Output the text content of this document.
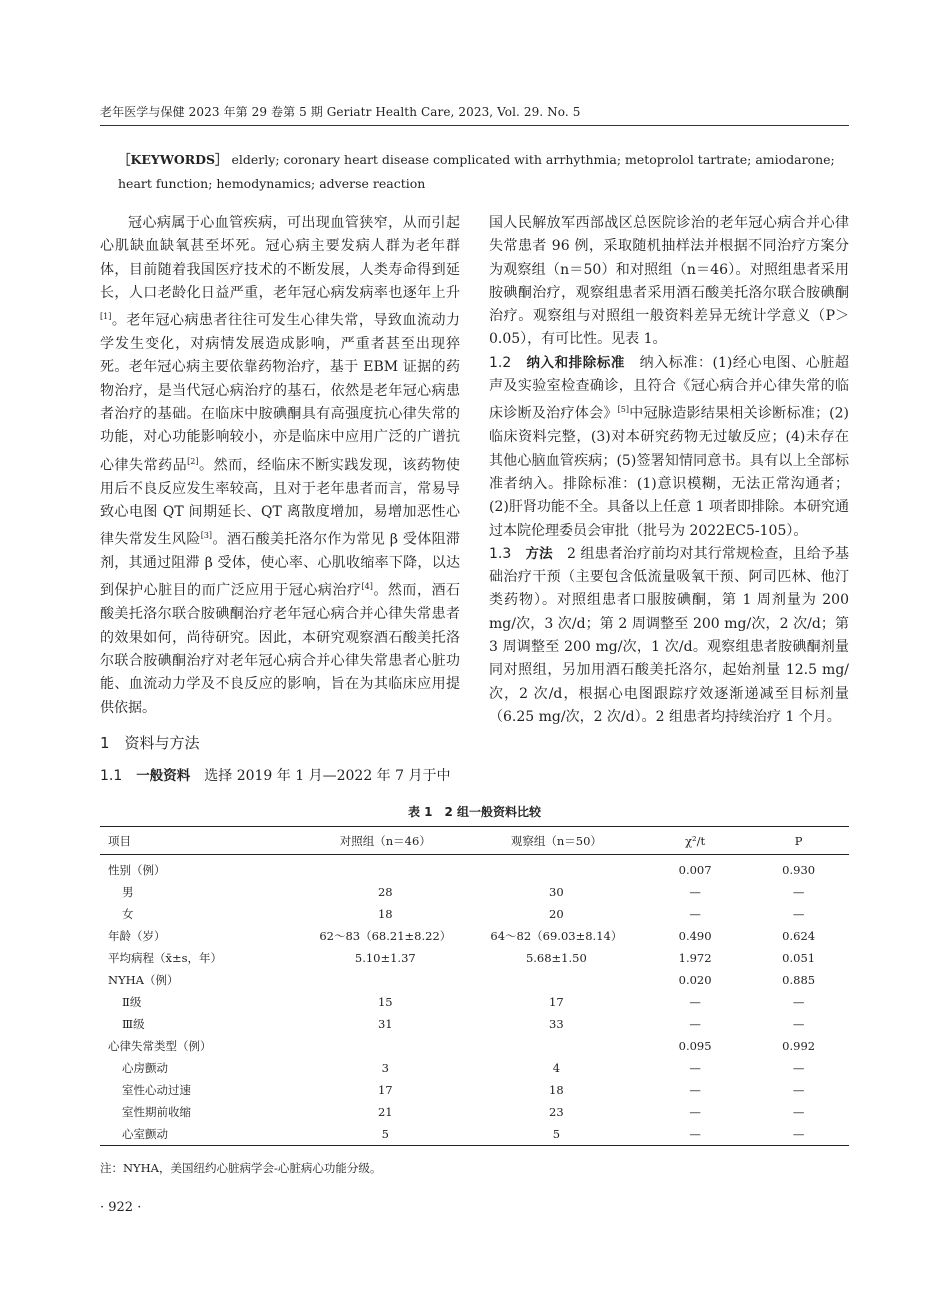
老年医学与保健 2023 年第 29 卷第 5 期 Geriatr Health Care, 2023, Vol. 29. No. 5
［KEYWORDS］ elderly; coronary heart disease complicated with arrhythmia; metoprolol tartrate; amiodarone; heart function; hemodynamics; adverse reaction

冠心病属于心血管疾病，可出现血管狭窄，从而引起心肌缺血缺氧甚至坏死。冠心病主要发病人群为老年群体，目前随着我国医疗技术的不断发展，人类寿命得到延长，人口老龄化日益严重，老年冠心病发病率也逐年上升[1]。老年冠心病患者往往可发生心律失常，导致血流动力学发生变化，对病情发展造成影响，严重者甚至出现猝死。老年冠心病主要依靠药物治疗，基于 EBM 证据的药物治疗，是当代冠心病治疗的基石，依然是老年冠心病患者治疗的基础。在临床中胺碘酮具有高强度抗心律失常的功能，对心功能影响较小，亦是临床中应用广泛的广谱抗心律失常药品[2]。然而，经临床不断实践发现，该药物使用后不良反应发生率较高，且对于老年患者而言，常易导致心电图 QT 间期延长、QT 离散度增加，易增加恶性心律失常发生风险[3]。酒石酸美托洛尔作为常见 β 受体阻滞剂，其通过阻滞 β 受体，使心率、心肌收缩率下降，以达到保护心脏目的而广泛应用于冠心病治疗[4]。然而，酒石酸美托洛尔联合胺碘酮治疗老年冠心病合并心律失常患者的效果如何，尚待研究。因此，本研究观察酒石酸美托洛尔联合胺碘酮治疗对老年冠心病合并心律失常患者心脏功能、血流动力学及不良反应的影响，旨在为其临床应用提供依据。

1　资料与方法

1.1　 一般资料　 选择 2019 年 1 月—2022 年 7 月于中

国人民解放军西部战区总医院诊治的老年冠心病合并心律失常患者 96 例，采取随机抽样法并根据不同治疗方案分为观察组（n＝50）和对照组（n＝46）。对照组患者采用胺碘酮治疗，观察组患者采用酒石酸美托洛尔联合胺碘酮治疗。观察组与对照组一般资料差异无统计学意义（P＞0.05），有可比性。见表 1。

1.2　 纳入和排除标准　 纳入标准：(1)经心电图、心脏超声及实验室检查确诊，且符合《冠心病合并心律失常的临床诊断及治疗体会》[5]中冠脉造影结果相关诊断标准；(2)临床资料完整，(3)对本研究药物无过敏反应；(4)未存在其他心脑血管疾病；(5)签署知情同意书。具有以上全部标准者纳入。排除标准：(1)意识模糊，无法正常沟通者；(2)肝肾功能不全。具备以上任意 1 项者即排除。本研究通过本院伦理委员会审批（批号为 2022EC5-105）。

1.3　 方法　 2 组患者治疗前均对其行常规检查，且给予基础治疗干预（主要包含低流量吸氧干预、阿司匹林、他汀类药物）。对照组患者口服胺碘酮，第 1 周剂量为 200 mg/次，3 次/d；第 2 周调整至 200 mg/次，2 次/d；第 3 周调整至 200 mg/次，1 次/d。观察组患者胺碘酮剂量同对照组，另加用酒石酸美托洛尔，起始剂量 12.5 mg/次，2 次/d，根据心电图跟踪疗效逐渐递减至目标剂量（6.25 mg/次，2 次/d）。2 组患者均持续治疗 1 个月。

表 1　2 组一般资料比较
项目	对照组（n＝46）	观察组（n＝50）	χ²/t	P
性别（例）			0.007	0.930
男	28	30	—	—
女	18	20	—	—
年龄（岁）	62～83（68.21±8.22）	64～82（69.03±8.14）	0.490	0.624
平均病程（x̄±s，年）	5.10±1.37	5.68±1.50	1.972	0.051
NYHA（例）			0.020	0.885
Ⅱ级	15	17	—	—
Ⅲ级	31	33	—	—
心律失常类型（例）			0.095	0.992
心房颤动	3	4	—	—
室性心动过速	17	18	—	—
室性期前收缩	21	23	—	—
心室颤动	5	5	—	—
注：NYHA，美国纽约心脏病学会-心脏病心功能分级。
· 922 ·
